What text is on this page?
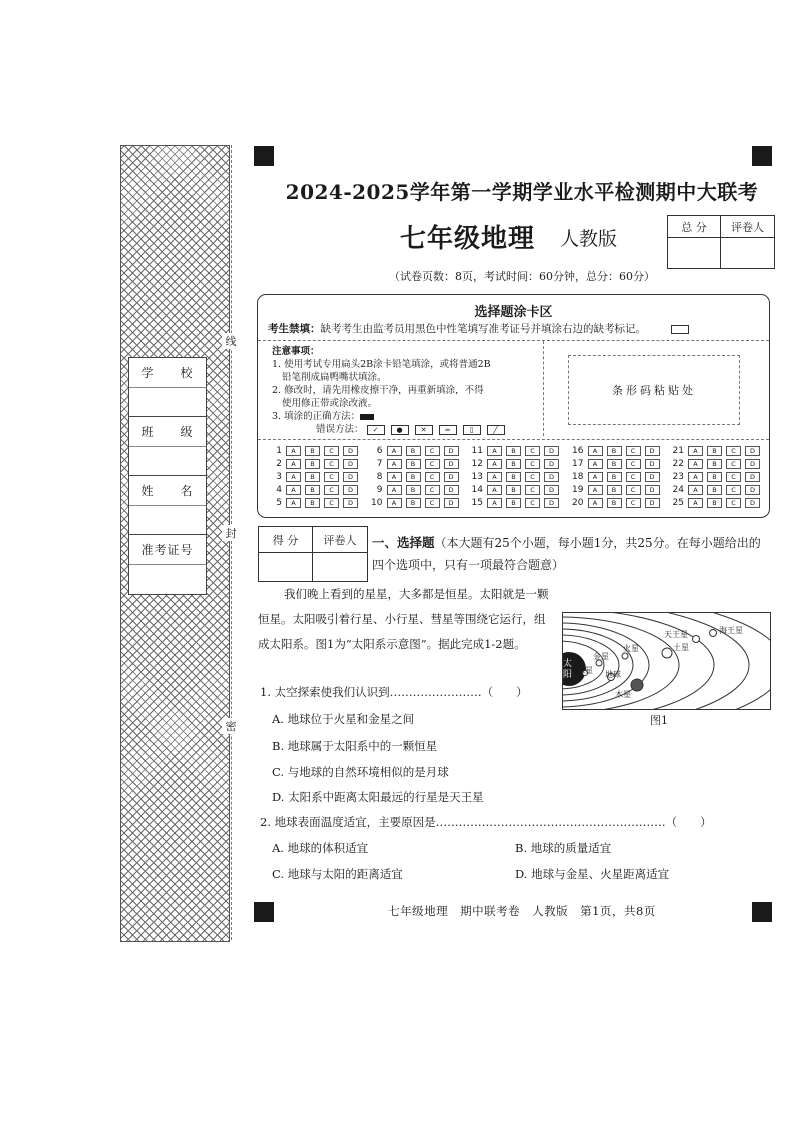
学　　校
班　　级
姓　　名
准考证号
线
封
密
2024-2025学年第一学期学业水平检测期中大联考
七年级地理 人教版
总 分	评卷人
（试卷页数：8页，考试时间：60分钟，总分：60分）
选择题涂卡区
考生禁填：缺考考生由监考员用黑色中性笔填写准考证号并填涂右边的缺考标记。

注意事项：

1. 使用考试专用扁头2B涂卡铅笔填涂，或将普通2B

铅笔削成扁鸭嘴状填涂。

2. 修改时，请先用橡皮擦干净，再重新填涂，不得

使用修正带或涂改液。

3. 填涂的正确方法：

错误方法：	✓	●	✕	═	▯	╱

条形码粘贴处
1	A	B	C	D
2	A	B	C	D
3	A	B	C	D
4	A	B	C	D
5	A	B	C	D
6	A	B	C	D
7	A	B	C	D
8	A	B	C	D
9	A	B	C	D
10	A	B	C	D
11	A	B	C	D
12	A	B	C	D
13	A	B	C	D
14	A	B	C	D
15	A	B	C	D
16	A	B	C	D
17	A	B	C	D
18	A	B	C	D
19	A	B	C	D
20	A	B	C	D
21	A	B	C	D
22	A	B	C	D
23	A	B	C	D
24	A	B	C	D
25	A	B	C	D
得 分	评卷人	一、选择题（本大题有25个小题，每小题1分，共25分。在每小题给出的
四个选项中，只有一项最符合题意）
我们晚上看到的星星，大多都是恒星。太阳就是一颗恒星。太阳吸引着行星、小行星、彗星等围绕它运行，组成太阳系。图1为“太阳系示意图”。据此完成1-2题。
太阳 水星
金星
地球
火星
木星
土星
天王星	海王星
图1
1. 太空探索使我们认识到……………………（　　）
A. 地球位于火星和金星之间
B. 地球属于太阳系中的一颗恒星
C. 与地球的自然环境相似的是月球
D. 太阳系中距离太阳最远的行星是天王星
2. 地球表面温度适宜，主要原因是……………………………………………………（　　）
A. 地球的体积适宜	B. 地球的质量适宜
C. 地球与太阳的距离适宜	D. 地球与金星、火星距离适宜
七年级地理　期中联考卷　人教版　第1页，共8页
